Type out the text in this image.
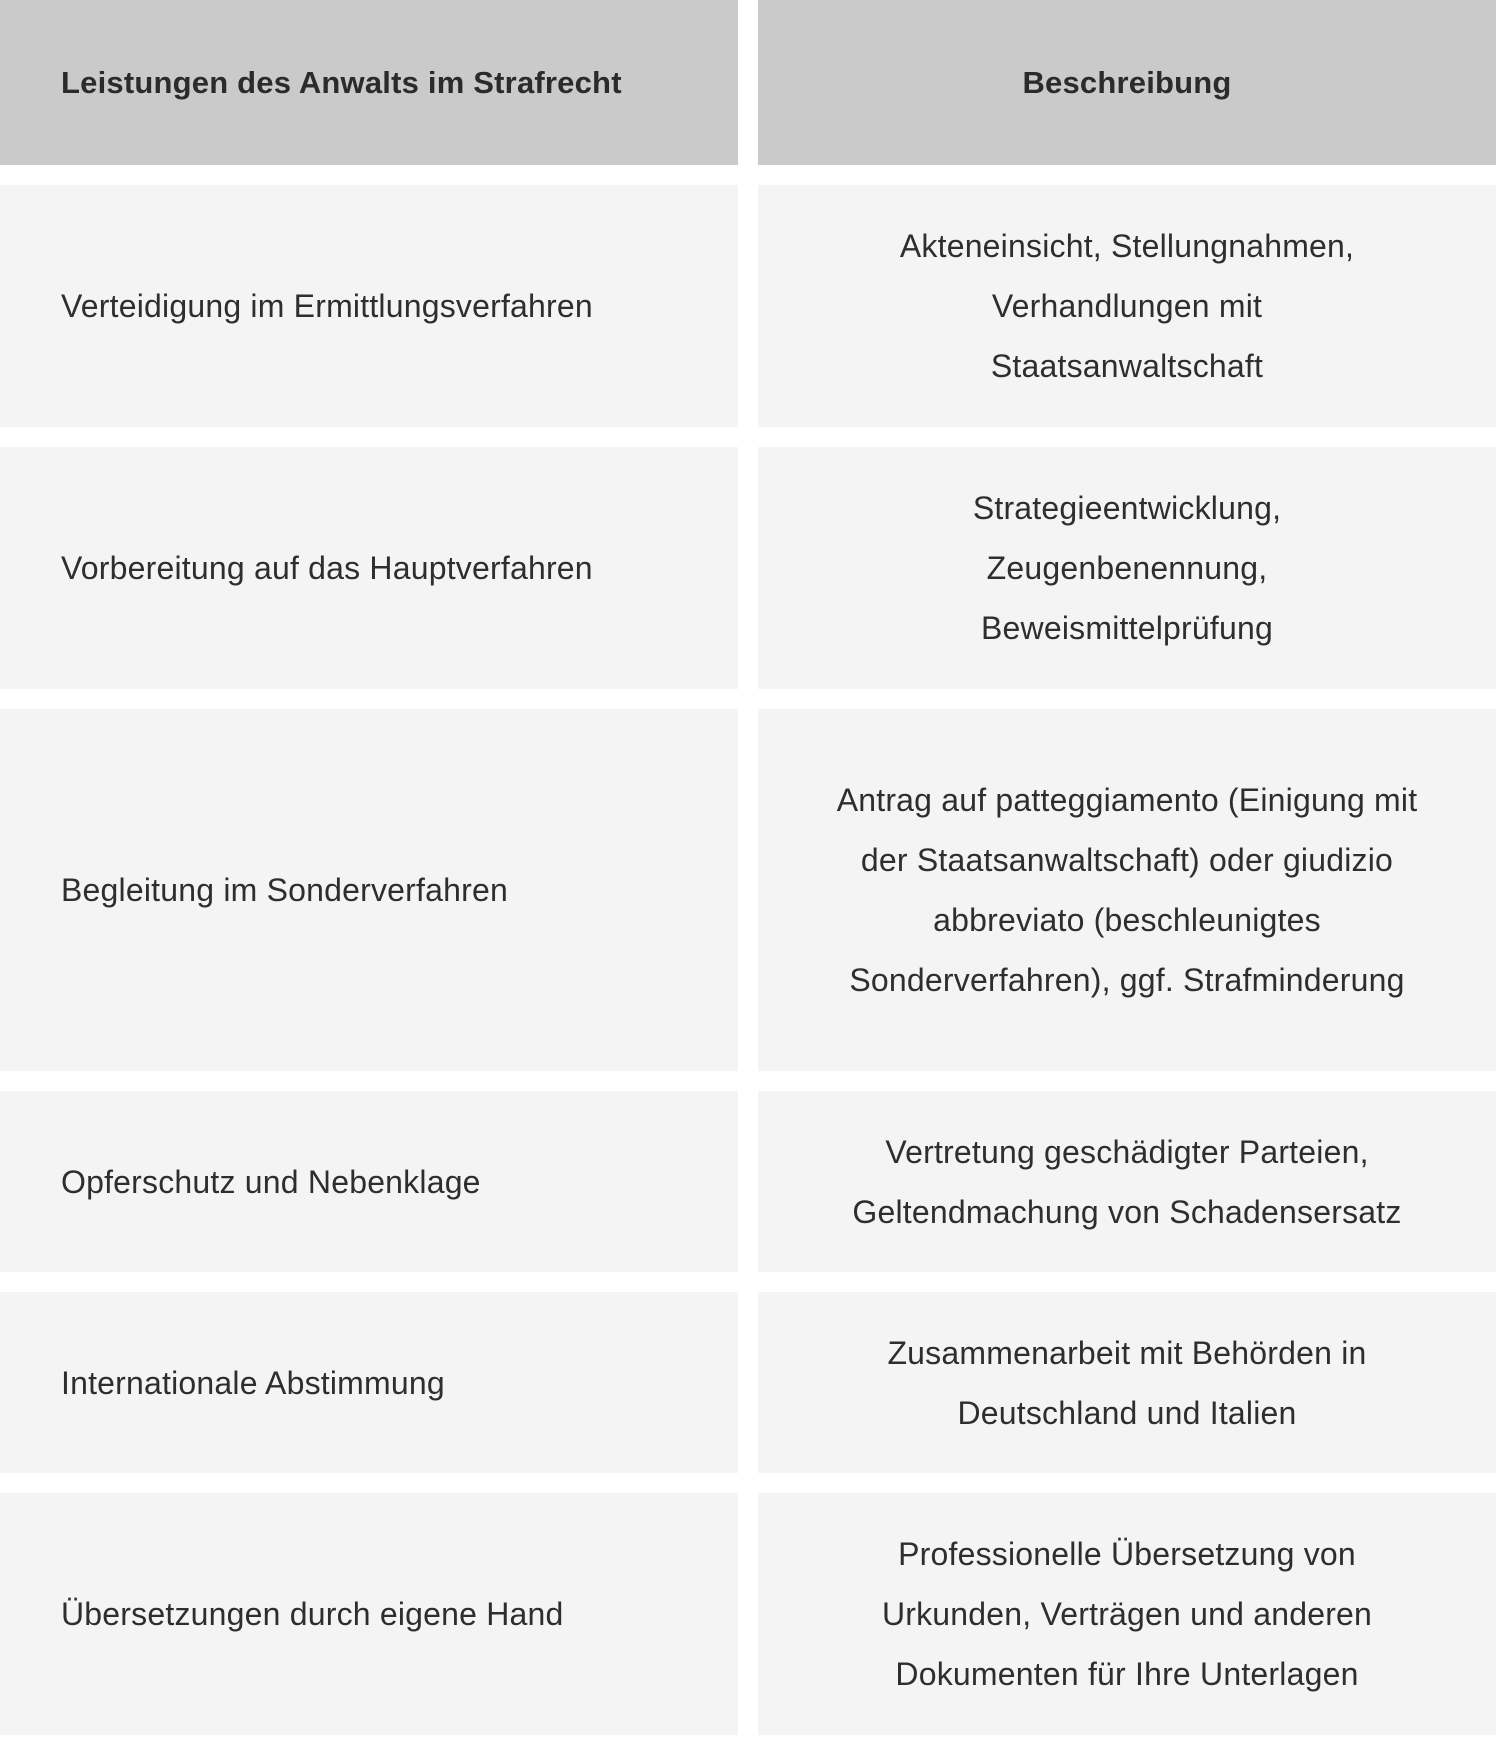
Leistungen des Anwalts im Strafrecht	Beschreibung
Verteidigung im Ermittlungsverfahren
Akteneinsicht, Stellungnahmen, Verhandlungen mit Staatsanwaltschaft
Vorbereitung auf das Hauptverfahren
Strategieentwicklung, Zeugenbenennung, Beweismittelprüfung
Begleitung im Sonderverfahren
Antrag auf patteggiamento (Einigung mit der Staatsanwaltschaft) oder giudizio abbreviato (beschleunigtes Sonderverfahren), ggf. Strafminderung
Opferschutz und Nebenklage
Vertretung geschädigter Parteien, Geltendmachung von Schadensersatz
Internationale Abstimmung
Zusammenarbeit mit Behörden in Deutschland und Italien
Übersetzungen durch eigene Hand
Professionelle Übersetzung von Urkunden, Verträgen und anderen Dokumenten für Ihre Unterlagen
